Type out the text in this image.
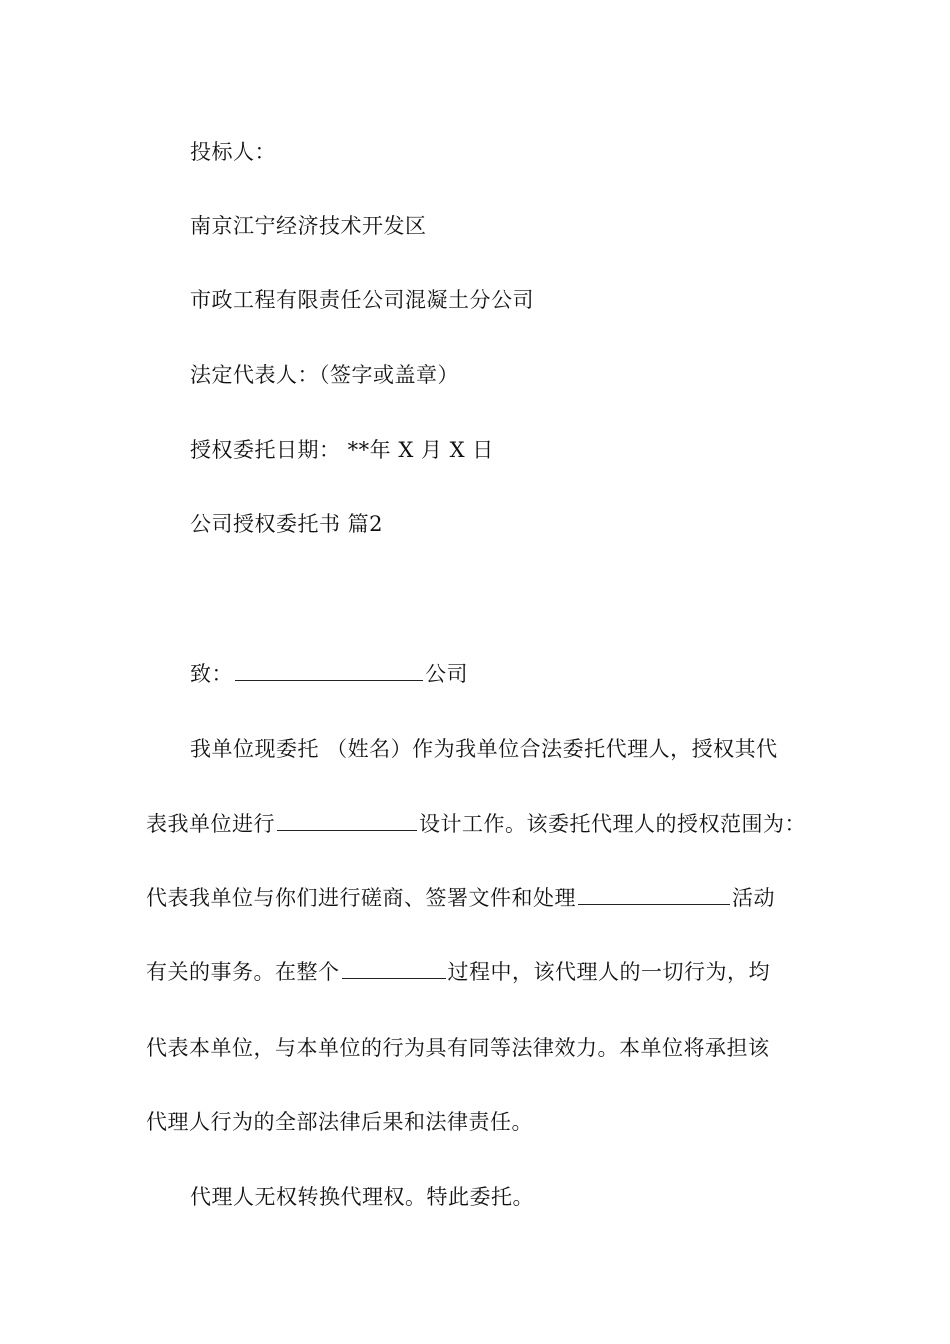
投标人：
南京江宁经济技术开发区
市政工程有限责任公司混凝土分公司
法定代表人：（签字或盖章）
授权委托日期： **年 X 月 X 日
公司授权委托书 篇2
致：	公司
我单位现委托 （姓名）作为我单位合法委托代理人，授权其代
表我单位进行	设计工作。该委托代理人的授权范围为：
代表我单位与你们进行磋商、签署文件和处理	活动
有关的事务。在整个	过程中，该代理人的一切行为，均
代表本单位，与本单位的行为具有同等法律效力。本单位将承担该
代理人行为的全部法律后果和法律责任。
代理人无权转换代理权。特此委托。
